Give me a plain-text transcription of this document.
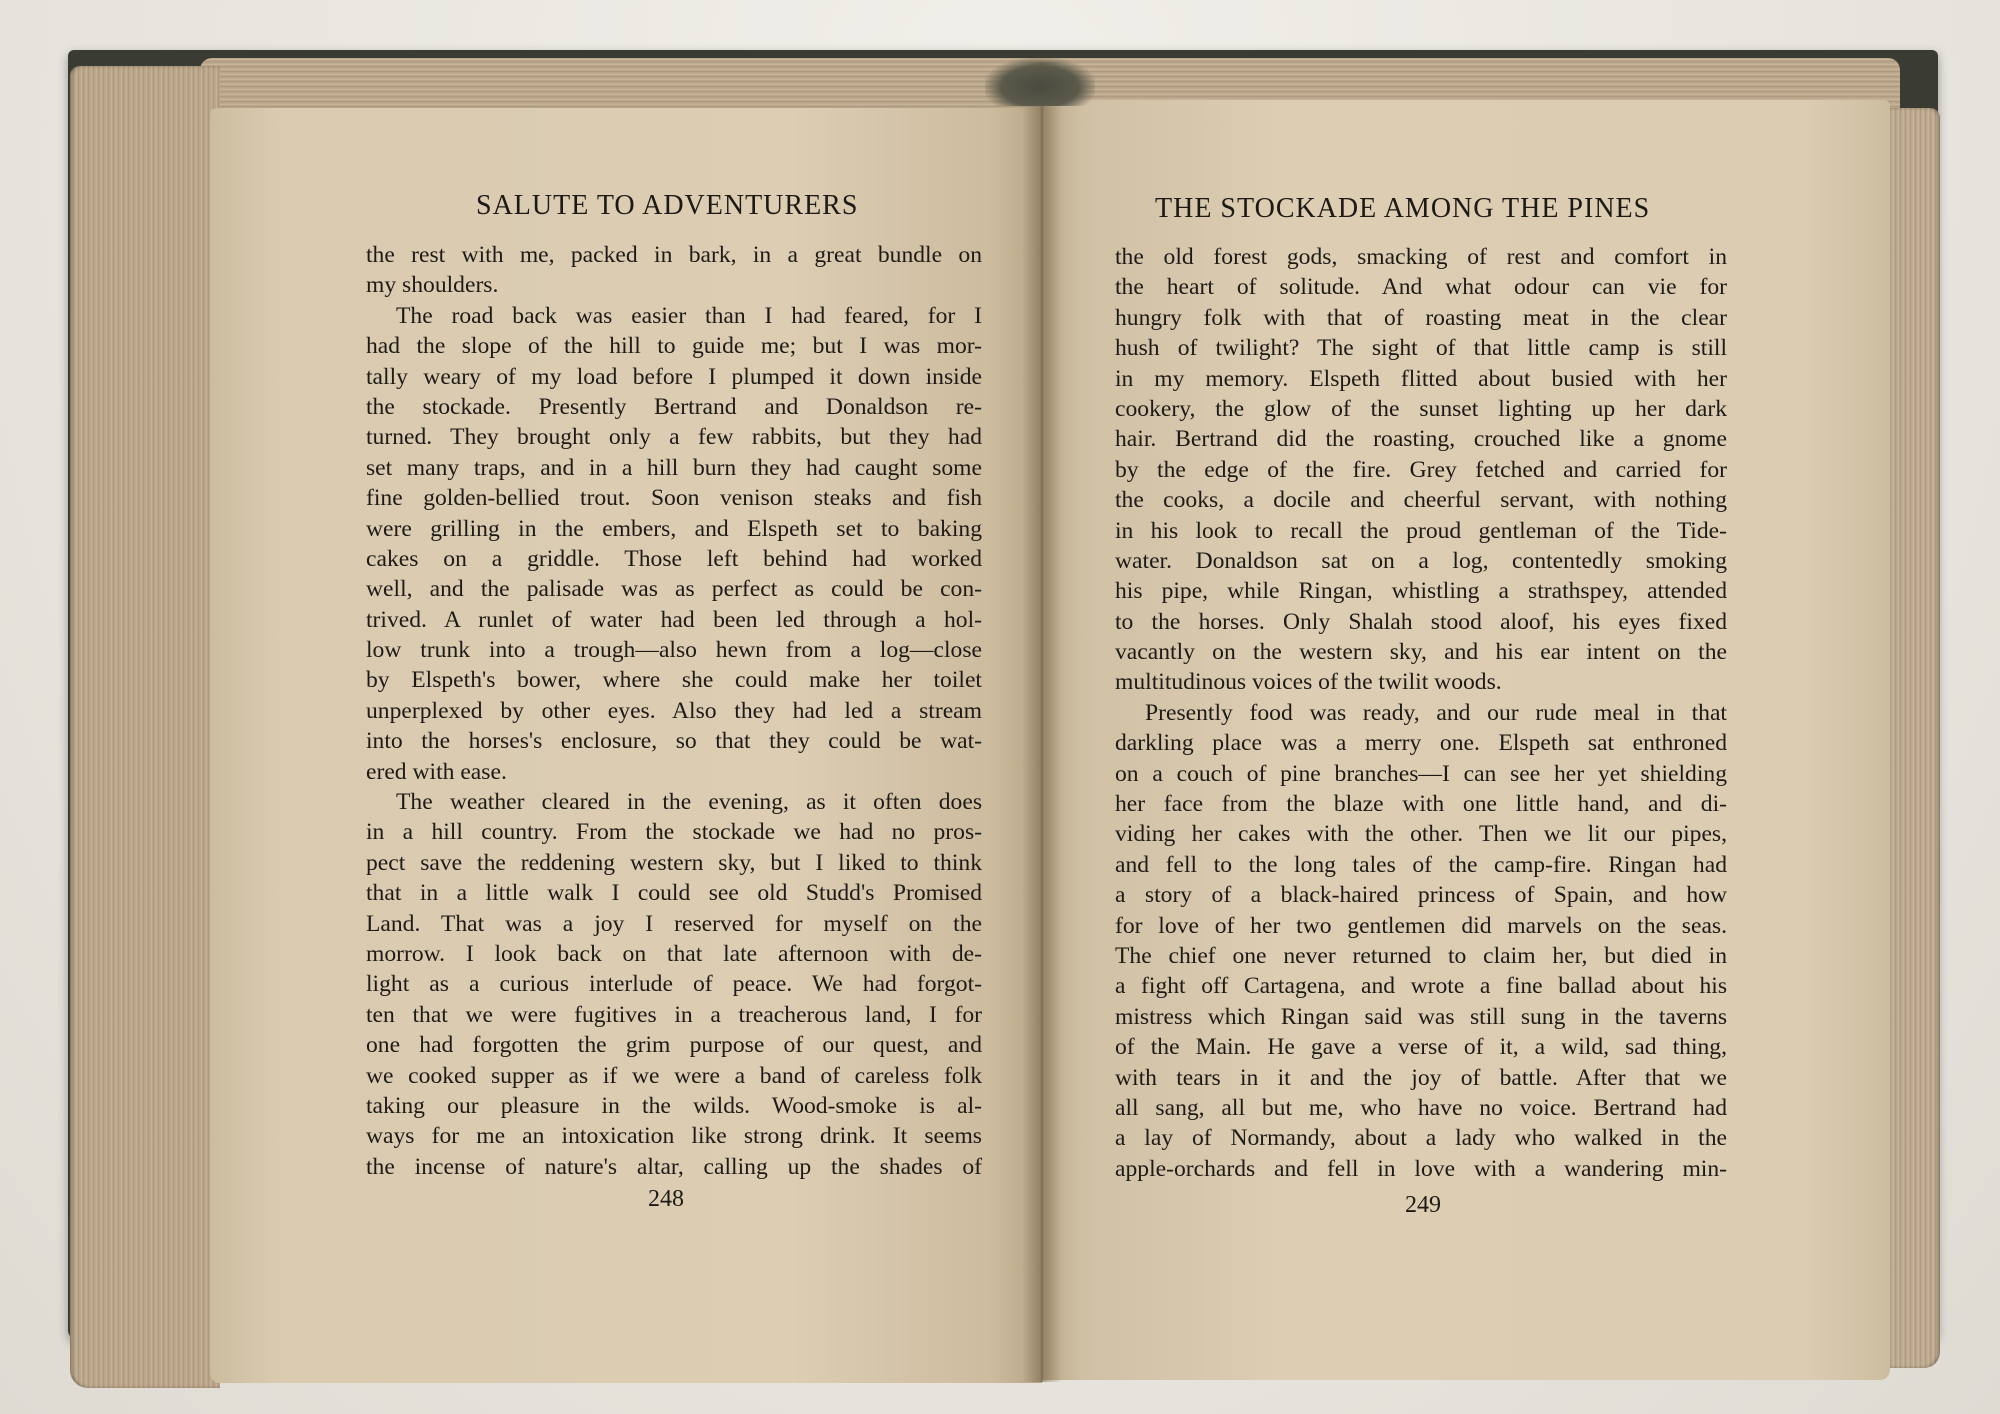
SALUTE TO ADVENTURERS
the rest with me, packed in bark, in a great bundle on
my shoulders.
The road back was easier than I had feared, for I
had the slope of the hill to guide me; but I was mor-
tally weary of my load before I plumped it down inside
the stockade. Presently Bertrand and Donaldson re-
turned. They brought only a few rabbits, but they had
set many traps, and in a hill burn they had caught some
fine golden-bellied trout. Soon venison steaks and fish
were grilling in the embers, and Elspeth set to baking
cakes on a griddle. Those left behind had worked
well, and the palisade was as perfect as could be con-
trived. A runlet of water had been led through a hol-
low trunk into a trough—also hewn from a log—close
by Elspeth's bower, where she could make her toilet
unperplexed by other eyes. Also they had led a stream
into the horses's enclosure, so that they could be wat-
ered with ease.
The weather cleared in the evening, as it often does
in a hill country. From the stockade we had no pros-
pect save the reddening western sky, but I liked to think
that in a little walk I could see old Studd's Promised
Land. That was a joy I reserved for myself on the
morrow. I look back on that late afternoon with de-
light as a curious interlude of peace. We had forgot-
ten that we were fugitives in a treacherous land, I for
one had forgotten the grim purpose of our quest, and
we cooked supper as if we were a band of careless folk
taking our pleasure in the wilds. Wood-smoke is al-
ways for me an intoxication like strong drink. It seems
the incense of nature's altar, calling up the shades of

248

THE STOCKADE AMONG THE PINES
the old forest gods, smacking of rest and comfort in
the heart of solitude. And what odour can vie for
hungry folk with that of roasting meat in the clear
hush of twilight? The sight of that little camp is still
in my memory. Elspeth flitted about busied with her
cookery, the glow of the sunset lighting up her dark
hair. Bertrand did the roasting, crouched like a gnome
by the edge of the fire. Grey fetched and carried for
the cooks, a docile and cheerful servant, with nothing
in his look to recall the proud gentleman of the Tide-
water. Donaldson sat on a log, contentedly smoking
his pipe, while Ringan, whistling a strathspey, attended
to the horses. Only Shalah stood aloof, his eyes fixed
vacantly on the western sky, and his ear intent on the
multitudinous voices of the twilit woods.
Presently food was ready, and our rude meal in that
darkling place was a merry one. Elspeth sat enthroned
on a couch of pine branches—I can see her yet shielding
her face from the blaze with one little hand, and di-
viding her cakes with the other. Then we lit our pipes,
and fell to the long tales of the camp-fire. Ringan had
a story of a black-haired princess of Spain, and how
for love of her two gentlemen did marvels on the seas.
The chief one never returned to claim her, but died in
a fight off Cartagena, and wrote a fine ballad about his
mistress which Ringan said was still sung in the taverns
of the Main. He gave a verse of it, a wild, sad thing,
with tears in it and the joy of battle. After that we
all sang, all but me, who have no voice. Bertrand had
a lay of Normandy, about a lady who walked in the
apple-orchards and fell in love with a wandering min-

249
